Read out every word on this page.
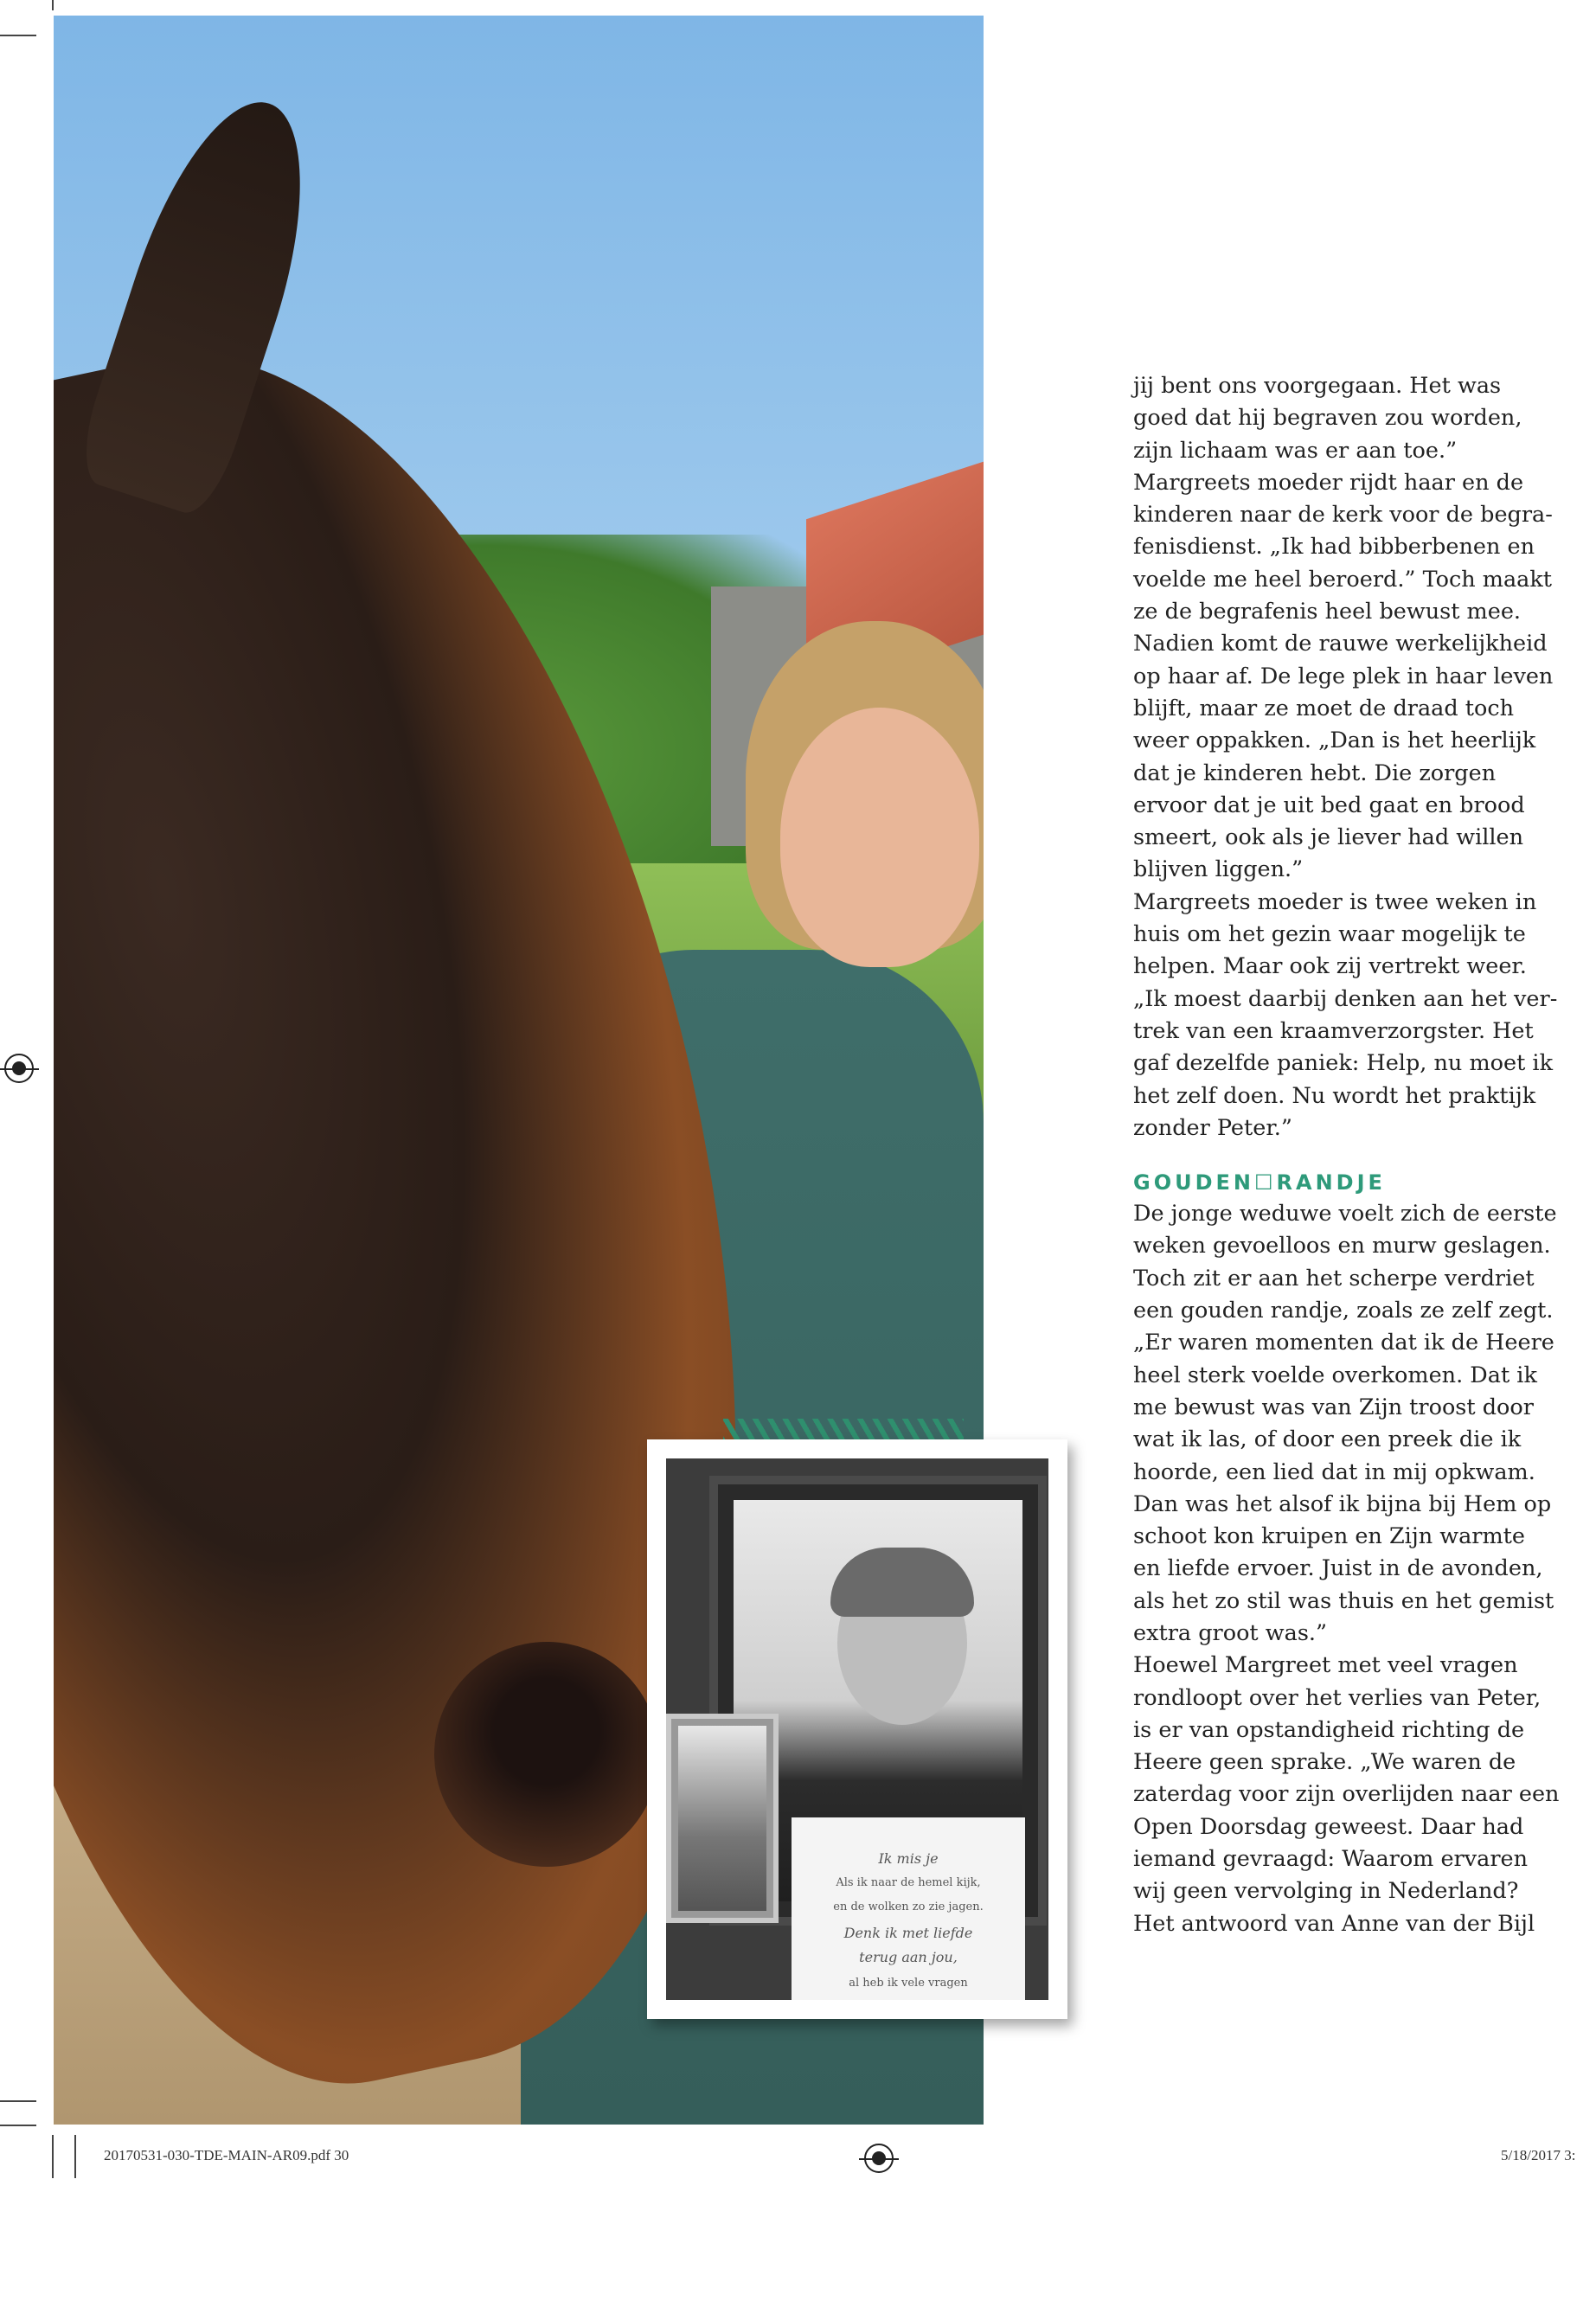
Ik mis je
Als ik naar de hemel kijk,
en de wolken zo zie jagen.
Denk ik met liefde
terug aan jou,
al heb ik vele vragen

jij bent ons voorgegaan. Het was
goed dat hij begraven zou worden,
zijn lichaam was er aan toe.”
Margreets moeder rijdt haar en de
kinderen naar de kerk voor de begra-
fenisdienst. „Ik had bibberbenen en
voelde me heel beroerd.” Toch maakt
ze de begrafenis heel bewust mee.
Nadien komt de rauwe werkelijkheid
op haar af. De lege plek in haar leven
blijft, maar ze moet de draad toch
weer oppakken. „Dan is het heerlijk
dat je kinderen hebt. Die zorgen
ervoor dat je uit bed gaat en brood
smeert, ook als je liever had willen
blijven liggen.”
Margreets moeder is twee weken in
huis om het gezin waar mogelijk te
helpen. Maar ook zij vertrekt weer.
„Ik moest daarbij denken aan het ver-
trek van een kraamverzorgster. Het
gaf dezelfde paniek: Help, nu moet ik
het zelf doen. Nu wordt het praktijk
zonder Peter.”

GOUDEN☐RANDJE

De jonge weduwe voelt zich de eerste
weken gevoelloos en murw geslagen.
Toch zit er aan het scherpe verdriet
een gouden randje, zoals ze zelf zegt.
„Er waren momenten dat ik de Heere
heel sterk voelde overkomen. Dat ik
me bewust was van Zijn troost door
wat ik las, of door een preek die ik
hoorde, een lied dat in mij opkwam.
Dan was het alsof ik bijna bij Hem op
schoot kon kruipen en Zijn warmte
en liefde ervoer. Juist in de avonden,
als het zo stil was thuis en het gemist
extra groot was.”
Hoewel Margreet met veel vragen
rondloopt over het verlies van Peter,
is er van opstandigheid richting de
Heere geen sprake. „We waren de
zaterdag voor zijn overlijden naar een
Open Doorsdag geweest. Daar had
iemand gevraagd: Waarom ervaren
wij geen vervolging in Nederland?
Het antwoord van Anne van der Bijl

20170531-030-TDE-MAIN-AR09.pdf 30	5/18/2017 3:
